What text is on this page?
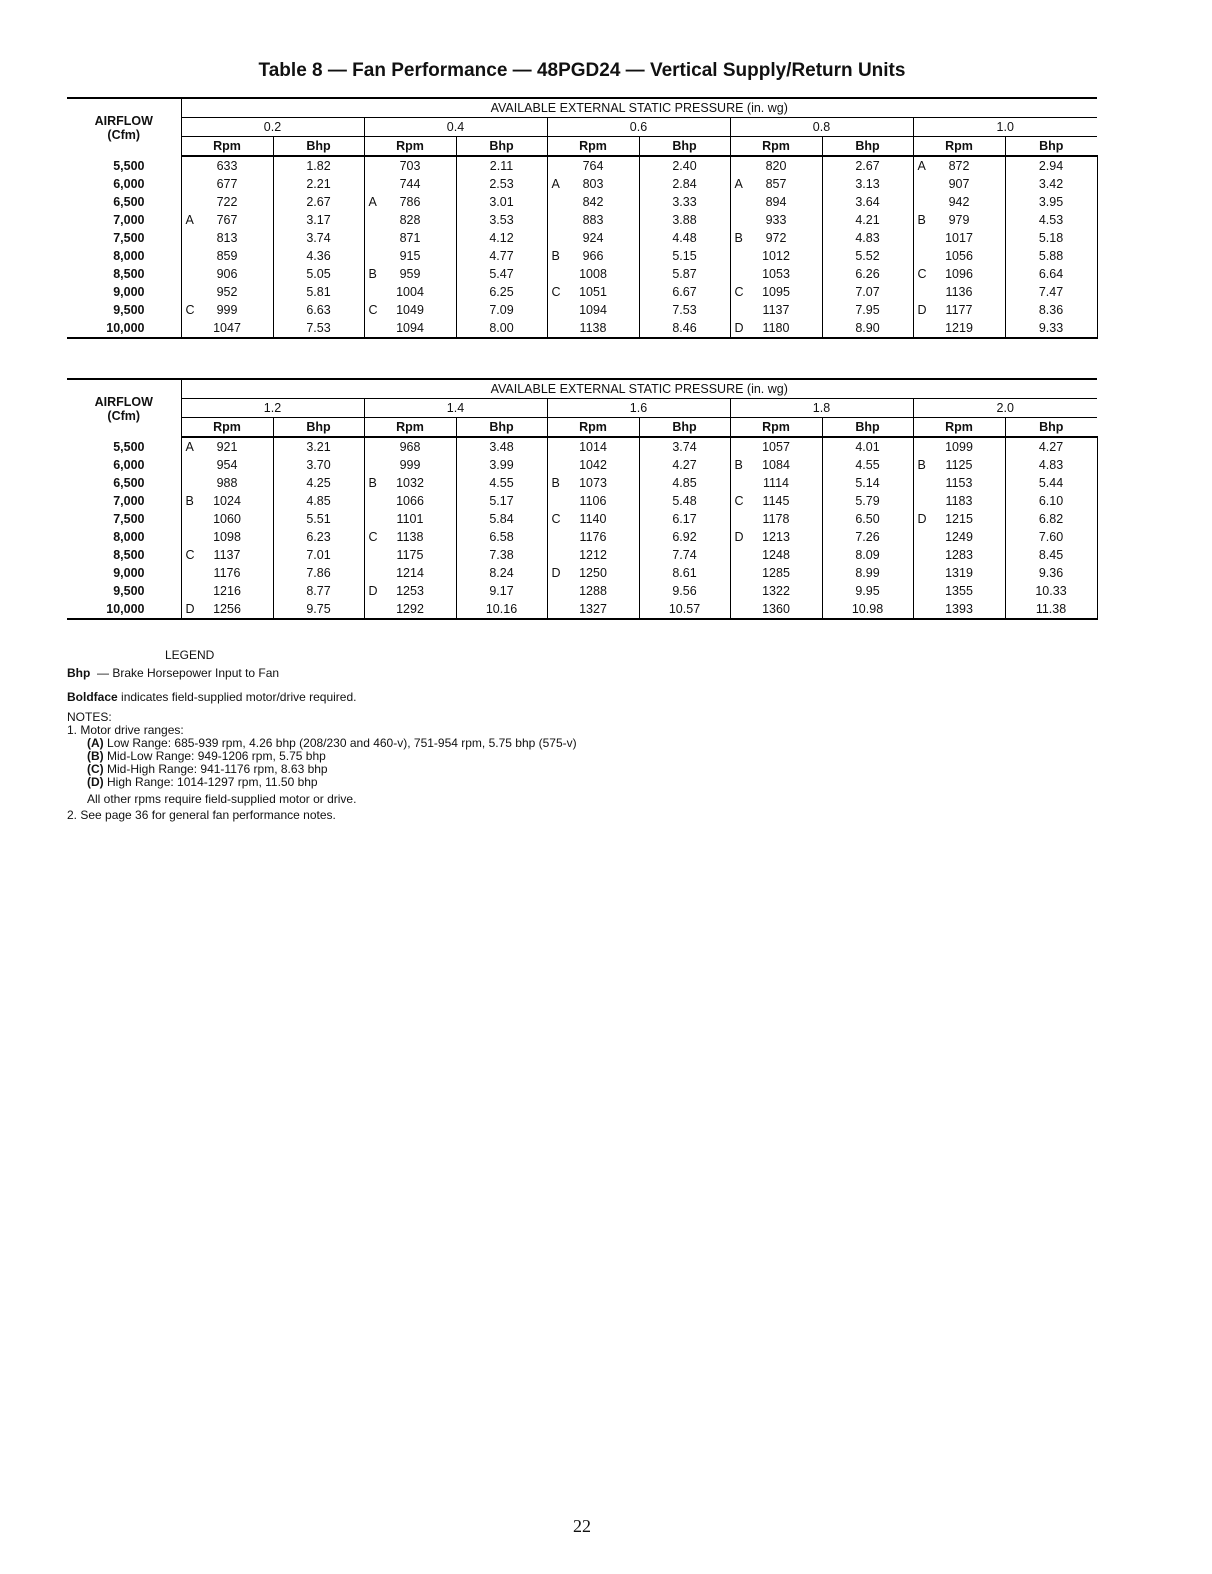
Table 8 — Fan Performance — 48PGD24 — Vertical Supply/Return Units
AIRFLOW
(Cfm)	AVAILABLE EXTERNAL STATIC PRESSURE (in. wg)									
	0.2		0.4		0.6		0.8		1.0	
	Rpm	Bhp	Rpm	Bhp	Rpm	Bhp	Rpm	Bhp	Rpm	Bhp
5,500	633	1.82	703	2.11	764	2.40	820	2.67	A 872	2.94
6,000	677	2.21	744	2.53	A 803	2.84	A 857	3.13	907	3.42
6,500	722	2.67	A 786	3.01	842	3.33	894	3.64	942	3.95
7,000	A 767	3.17	828	3.53	883	3.88	933	4.21	B 979	4.53
7,500	813	3.74	871	4.12	924	4.48	B 972	4.83	1017	5.18
8,000	859	4.36	915	4.77	B 966	5.15	1012	5.52	1056	5.88
8,500	906	5.05	B 959	5.47	1008	5.87	1053	6.26	C 1096	6.64
9,000	952	5.81	1004	6.25	C 1051	6.67	C 1095	7.07	1136	7.47
9,500	C 999	6.63	C 1049	7.09	1094	7.53	1137	7.95	D 1177	8.36
10,000	1047	7.53	1094	8.00	1138	8.46	D 1180	8.90	1219	9.33
AIRFLOW
(Cfm)	AVAILABLE EXTERNAL STATIC PRESSURE (in. wg)									
	1.2		1.4		1.6		1.8		2.0	
	Rpm	Bhp	Rpm	Bhp	Rpm	Bhp	Rpm	Bhp	Rpm	Bhp
5,500	A 921	3.21	968	3.48	1014	3.74	1057	4.01	1099	4.27
6,000	954	3.70	999	3.99	1042	4.27	B 1084	4.55	B 1125	4.83
6,500	988	4.25	B 1032	4.55	B 1073	4.85	1114	5.14	1153	5.44
7,000	B 1024	4.85	1066	5.17	1106	5.48	C 1145	5.79	1183	6.10
7,500	1060	5.51	1101	5.84	C 1140	6.17	1178	6.50	D 1215	6.82
8,000	1098	6.23	C 1138	6.58	1176	6.92	D 1213	7.26	1249	7.60
8,500	C 1137	7.01	1175	7.38	1212	7.74	1248	8.09	1283	8.45
9,000	1176	7.86	1214	8.24	D 1250	8.61	1285	8.99	1319	9.36
9,500	1216	8.77	D 1253	9.17	1288	9.56	1322	9.95	1355	10.33
10,000	D 1256	9.75	1292	10.16	1327	10.57	1360	10.98	1393	11.38

LEGEND

Bhp — Brake Horsepower Input to Fan

Boldface indicates field-supplied motor/drive required.

NOTES:

1. Motor drive ranges:

(A) Low Range: 685-939 rpm, 4.26 bhp (208/230 and 460-v), 751-954 rpm, 5.75 bhp (575-v)
(B) Mid-Low Range: 949-1206 rpm, 5.75 bhp
(C) Mid-High Range: 941-1176 rpm, 8.63 bhp
(D) High Range: 1014-1297 rpm, 11.50 bhp

All other rpms require field-supplied motor or drive.

2. See page 36 for general fan performance notes.

22
